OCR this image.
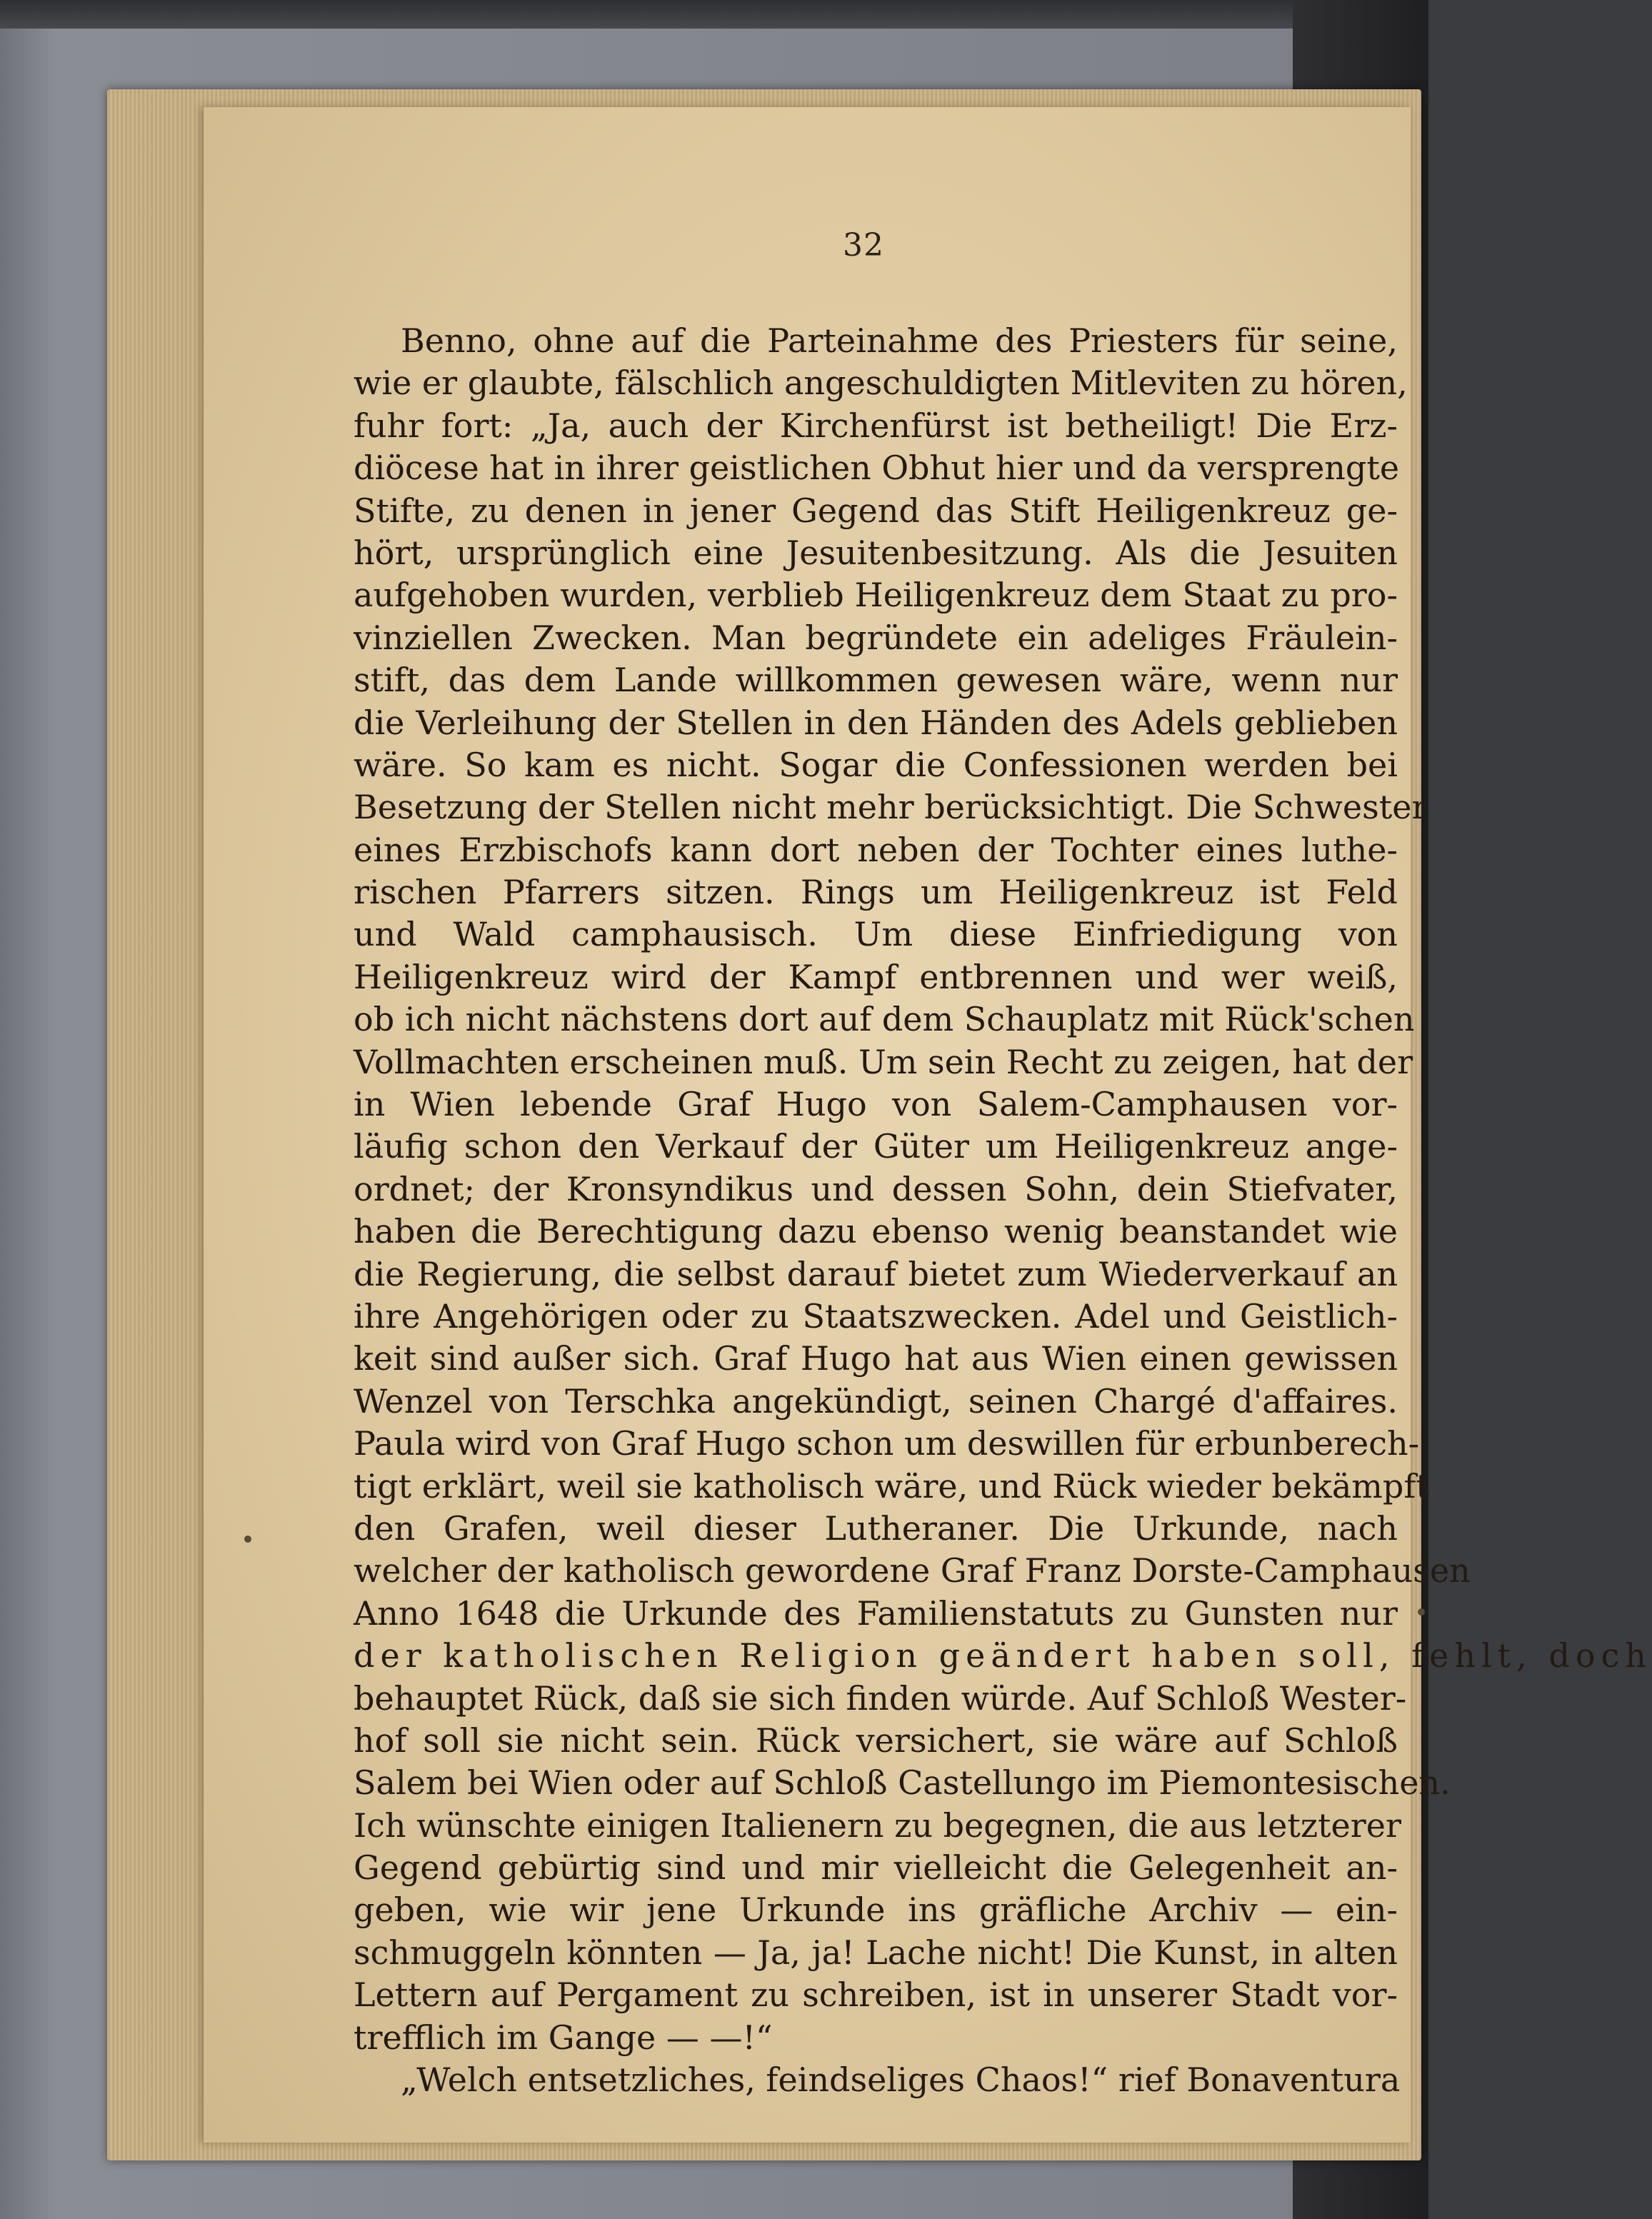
32
Benno, ohne auf die Parteinahme des Priesters für seine,
wie er glaubte, fälschlich angeschuldigten Mitleviten zu hören,
fuhr fort: „Ja, auch der Kirchenfürst ist betheiligt! Die Erz-
diöcese hat in ihrer geistlichen Obhut hier und da versprengte
Stifte, zu denen in jener Gegend das Stift Heiligenkreuz ge-
hört, ursprünglich eine Jesuitenbesitzung. Als die Jesuiten
aufgehoben wurden, verblieb Heiligenkreuz dem Staat zu pro-
vinziellen Zwecken. Man begründete ein adeliges Fräulein-
stift, das dem Lande willkommen gewesen wäre, wenn nur
die Verleihung der Stellen in den Händen des Adels geblieben
wäre. So kam es nicht. Sogar die Confessionen werden bei
Besetzung der Stellen nicht mehr berücksichtigt. Die Schwester
eines Erzbischofs kann dort neben der Tochter eines luthe-
rischen Pfarrers sitzen. Rings um Heiligenkreuz ist Feld
und Wald camphausisch. Um diese Einfriedigung von
Heiligenkreuz wird der Kampf entbrennen und wer weiß,
ob ich nicht nächstens dort auf dem Schauplatz mit Rück'schen
Vollmachten erscheinen muß. Um sein Recht zu zeigen, hat der
in Wien lebende Graf Hugo von Salem-Camphausen vor-
läufig schon den Verkauf der Güter um Heiligenkreuz ange-
ordnet; der Kronsyndikus und dessen Sohn, dein Stiefvater,
haben die Berechtigung dazu ebenso wenig beanstandet wie
die Regierung, die selbst darauf bietet zum Wiederverkauf an
ihre Angehörigen oder zu Staatszwecken. Adel und Geistlich-
keit sind außer sich. Graf Hugo hat aus Wien einen gewissen
Wenzel von Terschka angekündigt, seinen Chargé d'affaires.
Paula wird von Graf Hugo schon um deswillen für erbunberech-
tigt erklärt, weil sie katholisch wäre, und Rück wieder bekämpft
den Grafen, weil dieser Lutheraner. Die Urkunde, nach
welcher der katholisch gewordene Graf Franz Dorste-Camphausen
Anno 1648 die Urkunde des Familienstatuts zu Gunsten nur
der katholischen Religion geändert haben soll, fehlt, doch
behauptet Rück, daß sie sich finden würde. Auf Schloß Wester-
hof soll sie nicht sein. Rück versichert, sie wäre auf Schloß
Salem bei Wien oder auf Schloß Castellungo im Piemontesischen.
Ich wünschte einigen Italienern zu begegnen, die aus letzterer
Gegend gebürtig sind und mir vielleicht die Gelegenheit an-
geben, wie wir jene Urkunde ins gräfliche Archiv — ein-
schmuggeln könnten — Ja, ja! Lache nicht! Die Kunst, in alten
Lettern auf Pergament zu schreiben, ist in unserer Stadt vor-
trefflich im Gange — —!“
„Welch entsetzliches, feindseliges Chaos!“ rief Bonaventura
